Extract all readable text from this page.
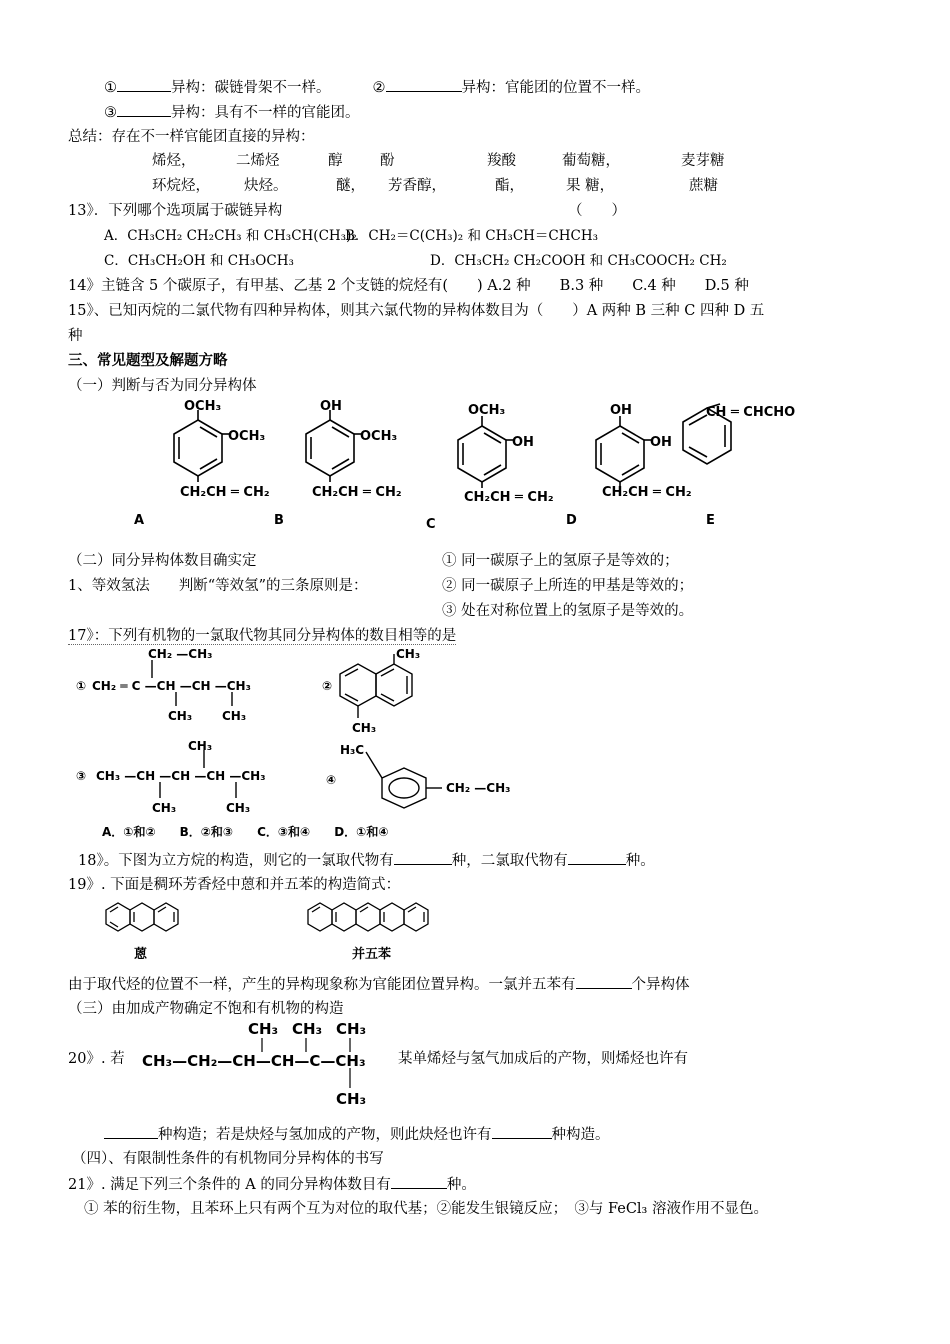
①	异构：碳链骨架不一样。	②	异构：官能团的位置不一样。
③	异构：具有不一样的官能团。
总结：存在不一样官能团直接的异构：
烯烃，	二烯烃	醇	酚	羧酸	葡萄糖，	麦芽糖
环烷烃， 炔烃。	醚， 芳香醇，	酯，	果 糖，	蔗糖
13》．下列哪个选项属于碳链异构	（　　）
A．CH₃CH₂ CH₂CH₃ 和 CH₃CH(CH₃)₂
B．CH₂＝C(CH₃)₂ 和 CH₃CH＝CHCH₃
C．CH₃CH₂OH 和 CH₃OCH₃	D．CH₃CH₂ CH₂COOH 和 CH₃COOCH₂ CH₂
14》主链含 5 个碳原子，有甲基、乙基 2 个支链的烷烃有(　　) A.2 种　　B.3 种　　C.4 种　　D.5 种
15》、已知丙烷的二氯代物有四种异构体，则其六氯代物的异构体数目为（　　）A 两种 B 三种 C 四种 D 五
种
三、常见题型及解题方略
（一）判断与否为同分异构体
OCH₃
OCH₃
CH₂CH ═ CH₂
A
OH
OCH₃
CH₂CH ═ CH₂
B
OCH₃
OH
CH₂CH ═ CH₂
C
OH
OH
CH₂CH ═ CH₂
D
CH ═ CHCHO
E
（二）同分异构体数目确实定	① 同一碳原子上的氢原子是等效的；
1、等效氢法　　判断“等效氢”的三条原则是：	② 同一碳原子上所连的甲基是等效的；
③ 处在对称位置上的氢原子是等效的。
17》：下列有机物的一氯取代物其同分异构体的数目相等的是
①
CH₂ —CH₃
CH₂ ═ C —CH —CH —CH₃
CH₃ CH₃
②
CH₃
CH₃
CH₃
③ CH₃ —CH —CH —CH —CH₃
CH₃	CH₃
④
H₃C
CH₂ —CH₃
A．①和②　　B．②和③　　C．③和④　　D．①和④
18》。下图为立方烷的构造，则它的一氯取代物有	种，二氯取代物有	种。
19》. 下面是稠环芳香烃中蒽和并五苯的构造简式：
蒽	并五苯
由于取代烃的位置不一样，产生的异构现象称为官能团位置异构。一氯并五苯有	个异构体
（三）由加成产物确定不饱和有机物的构造
20》. 若
CH₃ CH₃ CH₃
CH₃—CH₂—CH—CH—C—CH₃
CH₃
某单烯烃与氢气加成后的产物，则烯烃也许有
种构造；若是炔烃与氢加成的产物，则此炔烃也许有	种构造。
（四）、有限制性条件的有机物同分异构体的书写
21》. 满足下列三个条件的 A 的同分异构体数目有	种。
① 苯的衍生物，且苯环上只有两个互为对位的取代基；②能发生银镜反应；　③与 FeCl₃ 溶液作用不显色。
